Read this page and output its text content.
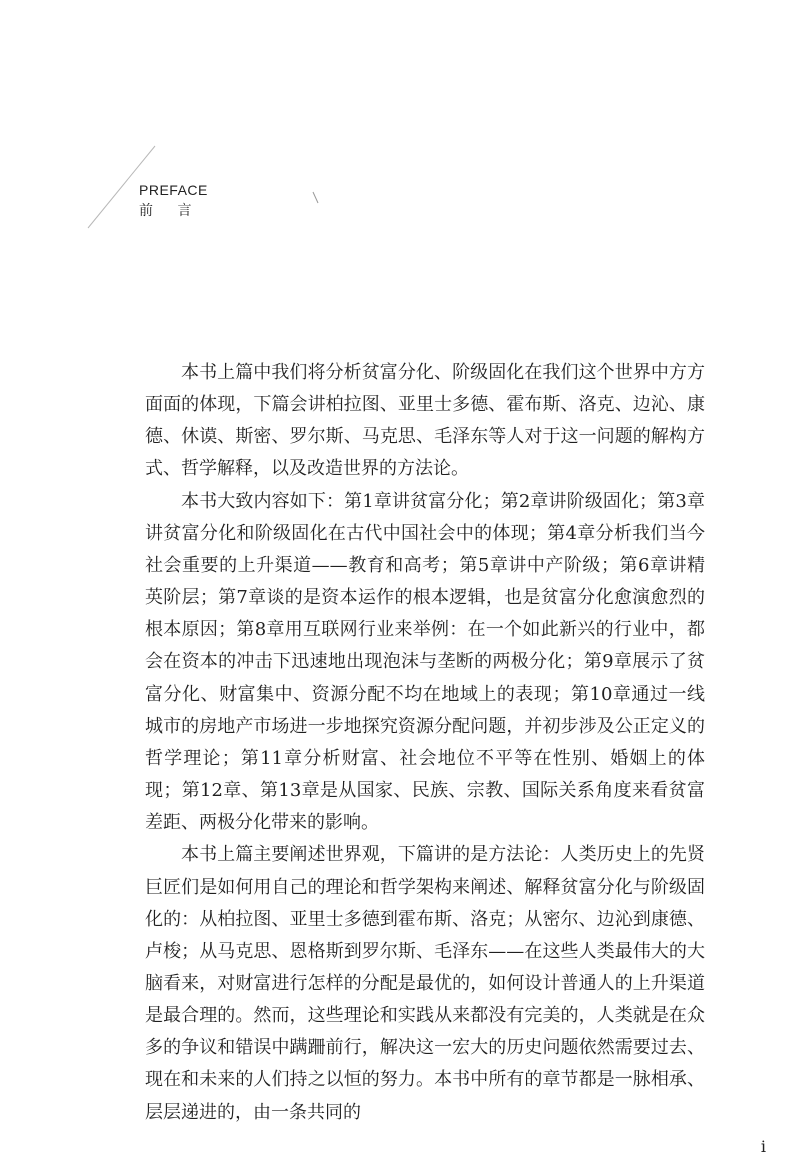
PREFACE
前 言

本书上篇中我们将分析贫富分化、阶级固化在我们这个世界中方方面面的体现，下篇会讲柏拉图、亚里士多德、霍布斯、洛克、边沁、康德、休谟、斯密、罗尔斯、马克思、毛泽东等人对于这一问题的解构方式、哲学解释，以及改造世界的方法论。

本书大致内容如下：第1章讲贫富分化；第2章讲阶级固化；第3章讲贫富分化和阶级固化在古代中国社会中的体现；第4章分析我们当今社会重要的上升渠道——教育和高考；第5章讲中产阶级；第6章讲精英阶层；第7章谈的是资本运作的根本逻辑，也是贫富分化愈演愈烈的根本原因；第8章用互联网行业来举例：在一个如此新兴的行业中，都会在资本的冲击下迅速地出现泡沫与垄断的两极分化；第9章展示了贫富分化、财富集中、资源分配不均在地域上的表现；第10章通过一线城市的房地产市场进一步地探究资源分配问题，并初步涉及公正定义的哲学理论；第11章分析财富、社会地位不平等在性别、婚姻上的体现；第12章、第13章是从国家、民族、宗教、国际关系角度来看贫富差距、两极分化带来的影响。

本书上篇主要阐述世界观，下篇讲的是方法论：人类历史上的先贤巨匠们是如何用自己的理论和哲学架构来阐述、解释贫富分化与阶级固化的：从柏拉图、亚里士多德到霍布斯、洛克；从密尔、边沁到康德、卢梭；从马克思、恩格斯到罗尔斯、毛泽东——在这些人类最伟大的大脑看来，对财富进行怎样的分配是最优的，如何设计普通人的上升渠道是最合理的。然而，这些理论和实践从来都没有完美的，人类就是在众多的争议和错误中蹒跚前行，解决这一宏大的历史问题依然需要过去、现在和未来的人们持之以恒的努力。本书中所有的章节都是一脉相承、层层递进的，由一条共同的

i
